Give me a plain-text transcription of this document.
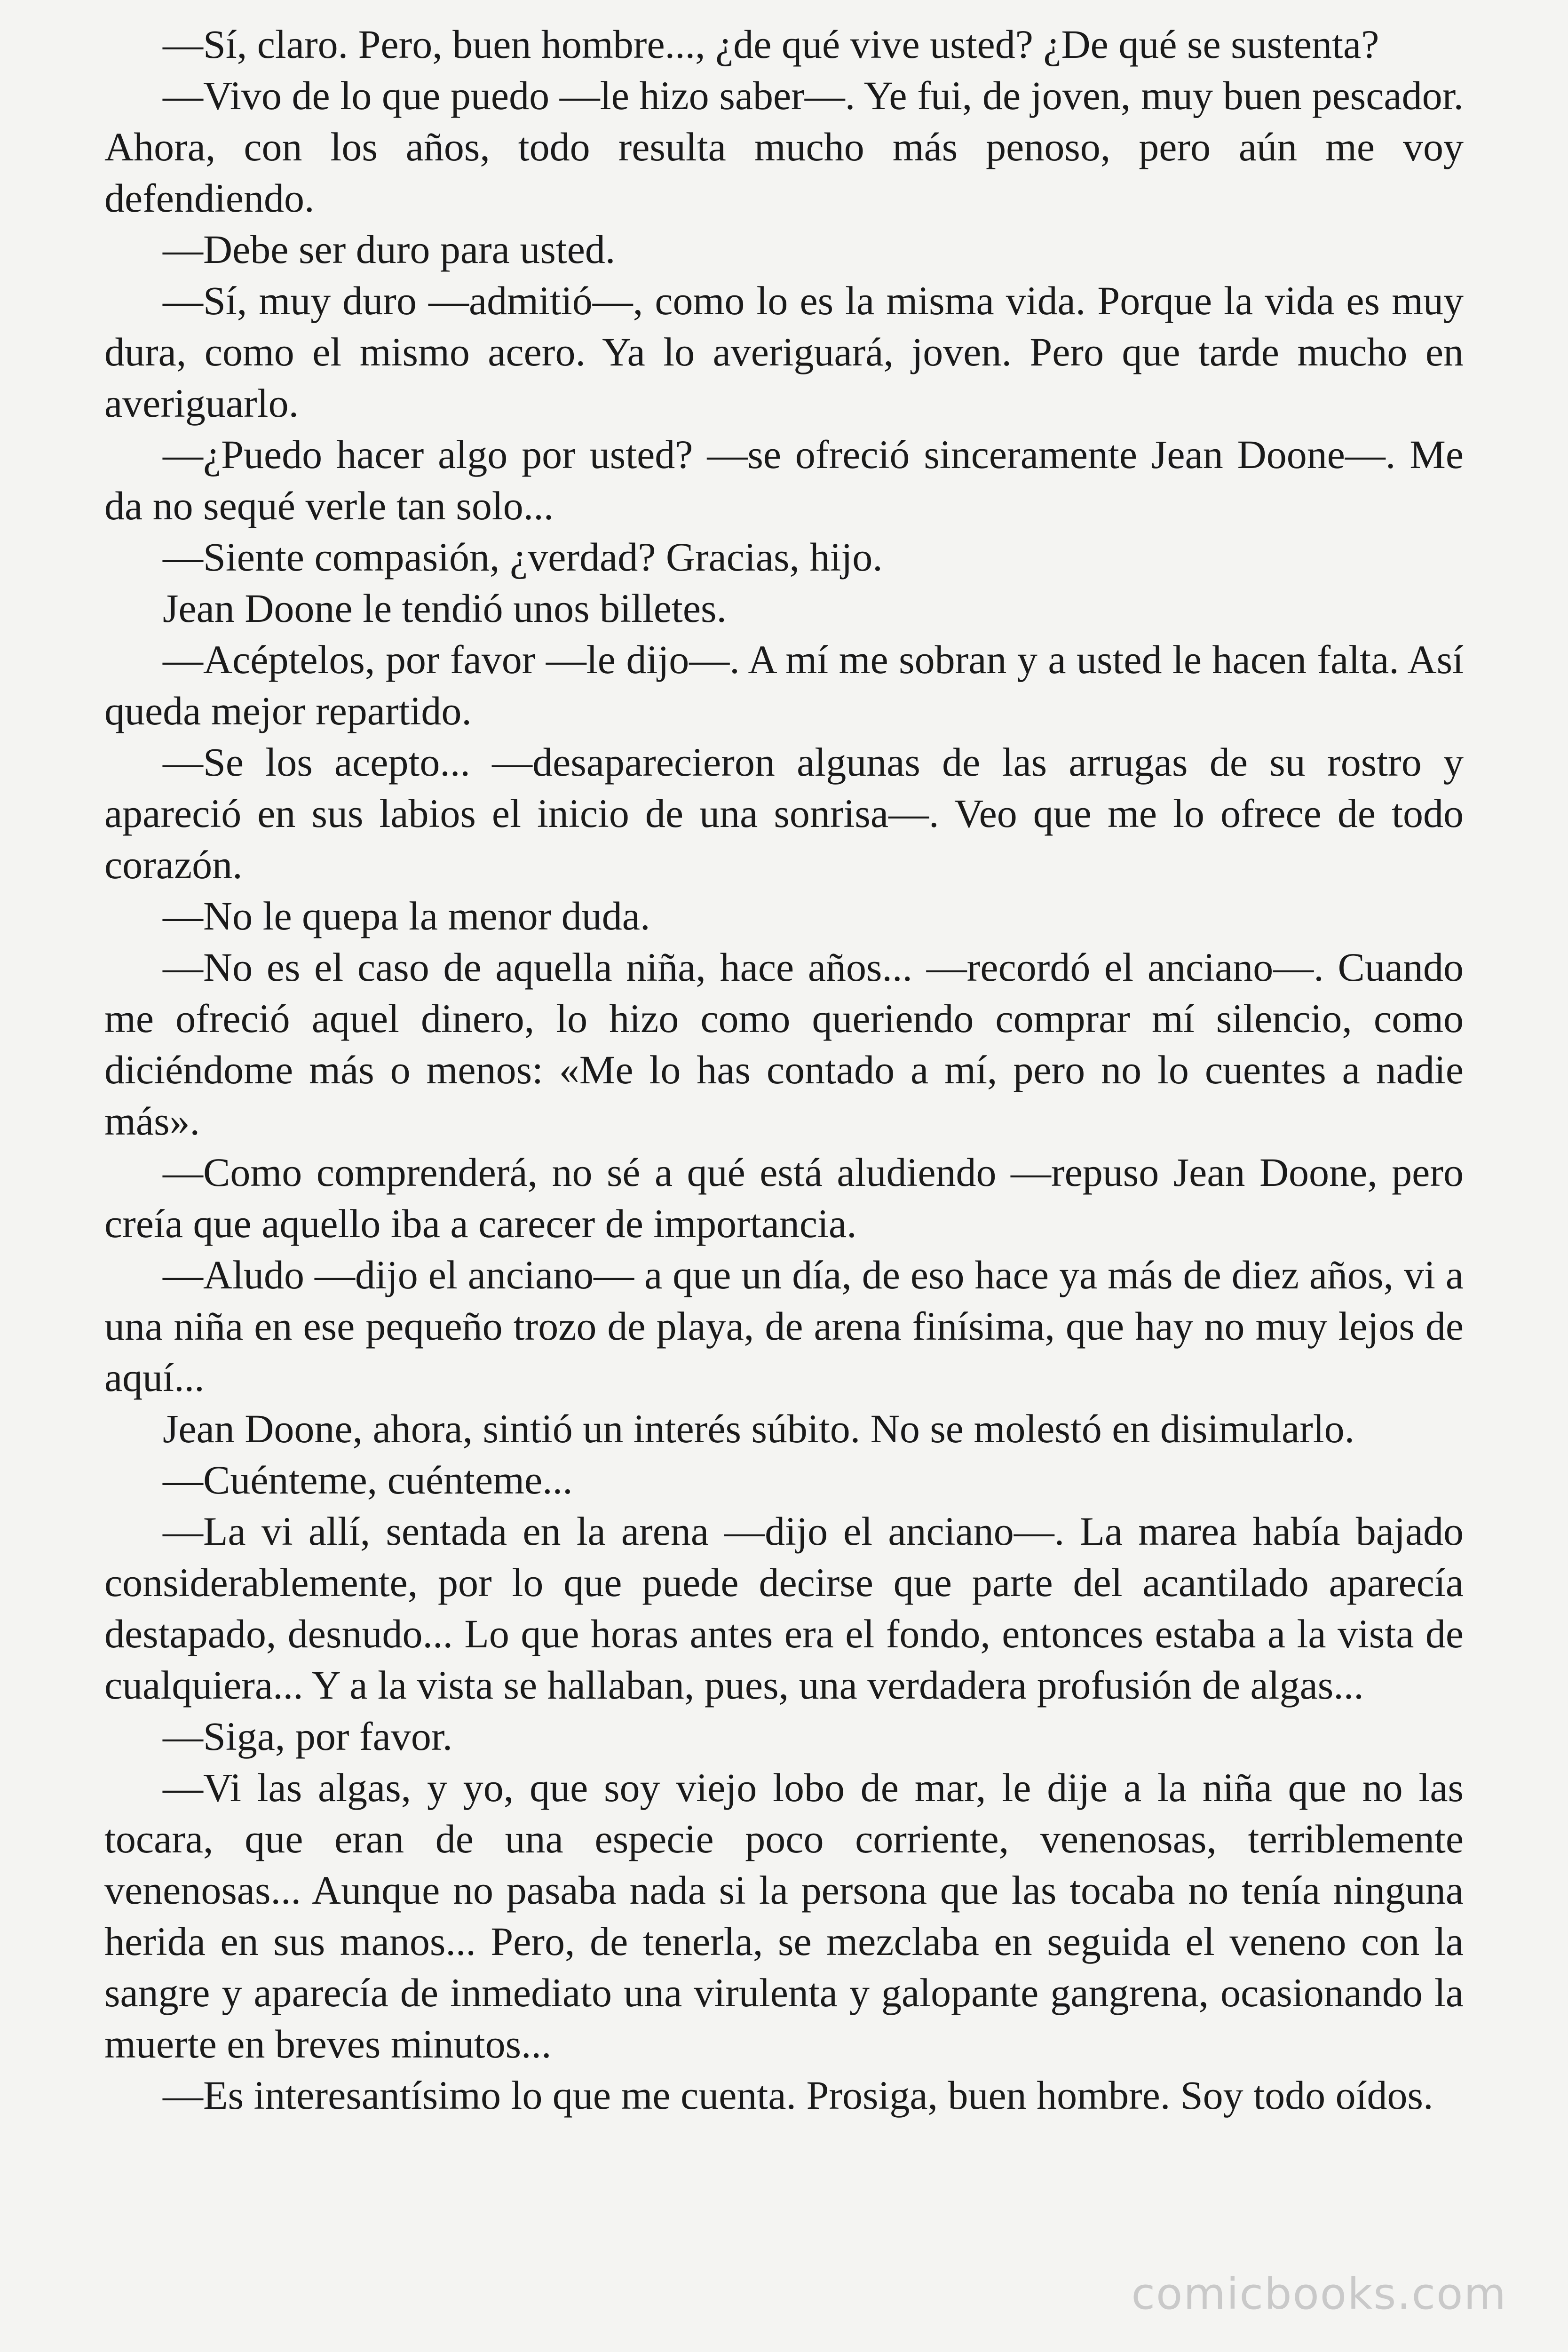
—Sí, claro. Pero, buen hombre..., ¿de qué vive usted? ¿De qué se sustenta?

—Vivo de lo que puedo —le hizo saber—. Ye fui, de joven, muy buen pescador. Ahora, con los años, todo resulta mucho más penoso, pero aún me voy defendiendo.

—Debe ser duro para usted.

—Sí, muy duro —admitió—, como lo es la misma vida. Porque la vida es muy dura, como el mismo acero. Ya lo averiguará, joven. Pero que tarde mucho en averiguarlo.

—¿Puedo hacer algo por usted? —se ofreció sinceramente Jean Doone—. Me da no sequé verle tan solo...

—Siente compasión, ¿verdad? Gracias, hijo.

Jean Doone le tendió unos billetes.

—Acéptelos, por favor —le dijo—. A mí me sobran y a usted le hacen falta. Así queda mejor repartido.

—Se los acepto... —desaparecieron algunas de las arrugas de su rostro y apareció en sus labios el inicio de una sonrisa—. Veo que me lo ofrece de todo corazón.

—No le quepa la menor duda.

—No es el caso de aquella niña, hace años... —recordó el anciano—. Cuando me ofreció aquel dinero, lo hizo como queriendo comprar mí silencio, como diciéndome más o menos: «Me lo has contado a mí, pero no lo cuentes a nadie más».

—Como comprenderá, no sé a qué está aludiendo —repuso Jean Doone, pero creía que aquello iba a carecer de importancia.

—Aludo —dijo el anciano— a que un día, de eso hace ya más de diez años, vi a una niña en ese pequeño trozo de playa, de arena finísima, que hay no muy lejos de aquí...

Jean Doone, ahora, sintió un interés súbito. No se molestó en disimularlo.

—Cuénteme, cuénteme...

—La vi allí, sentada en la arena —dijo el anciano—. La marea había bajado considerablemente, por lo que puede decirse que parte del acantilado aparecía destapado, desnudo... Lo que horas antes era el fondo, entonces estaba a la vista de cualquiera... Y a la vista se hallaban, pues, una verdadera profusión de algas...

—Siga, por favor.

—Vi las algas, y yo, que soy viejo lobo de mar, le dije a la niña que no las tocara, que eran de una especie poco corriente, venenosas, terriblemente venenosas... Aunque no pasaba nada si la persona que las tocaba no tenía ninguna herida en sus manos... Pero, de tenerla, se mezclaba en seguida el veneno con la sangre y aparecía de inmediato una virulenta y galopante gangrena, ocasionando la muerte en breves minutos...

—Es interesantísimo lo que me cuenta. Prosiga, buen hombre. Soy todo oídos.

comicbooks.com
